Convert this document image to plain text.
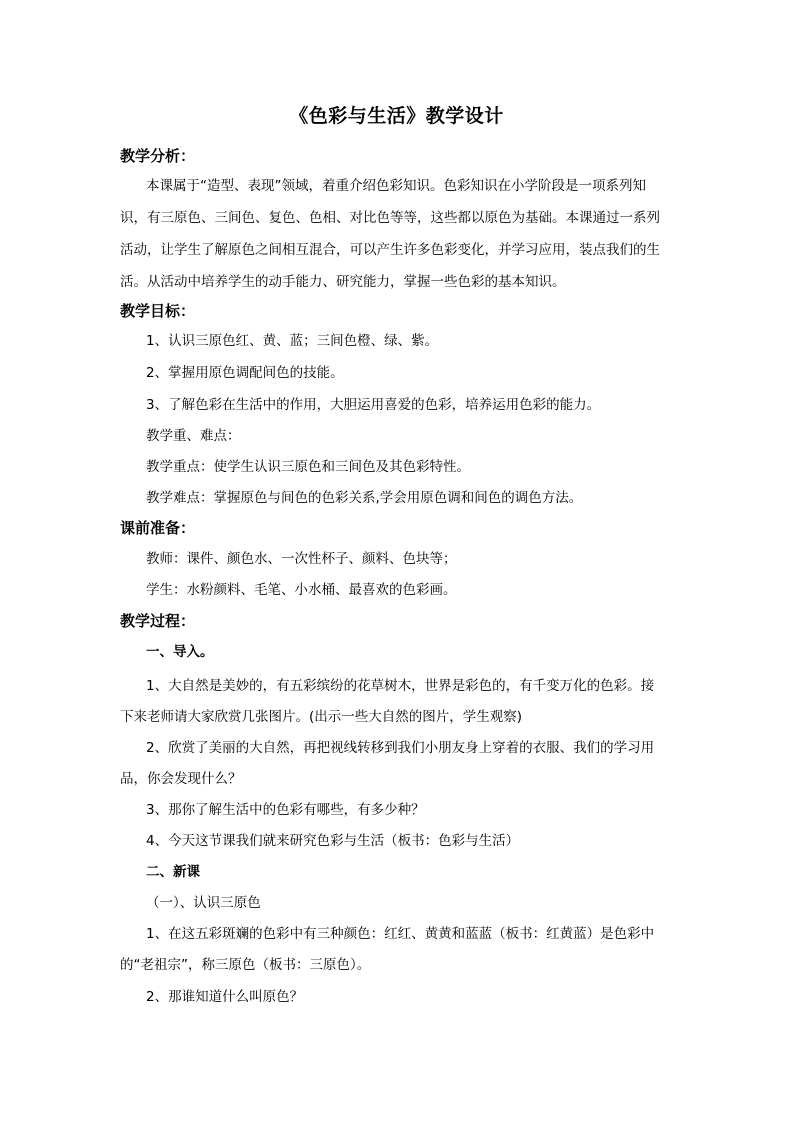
《色彩与生活》教学设计
教学分析：
本课属于“造型、表现”领域，着重介绍色彩知识。色彩知识在小学阶段是一项系列知
识，有三原色、三间色、复色、色相、对比色等等，这些都以原色为基础。本课通过一系列
活动，让学生了解原色之间相互混合，可以产生许多色彩变化，并学习应用，装点我们的生
活。从活动中培养学生的动手能力、研究能力，掌握一些色彩的基本知识。
教学目标：
1、认识三原色红、黄、蓝；三间色橙、绿、紫。
2、掌握用原色调配间色的技能。
3、了解色彩在生活中的作用，大胆运用喜爱的色彩，培养运用色彩的能力。
教学重、难点：
教学重点：使学生认识三原色和三间色及其色彩特性。
教学难点：掌握原色与间色的色彩关系,学会用原色调和间色的调色方法。
课前准备：
教师：课件、颜色水、一次性杯子、颜料、色块等；
学生：水粉颜料、毛笔、小水桶、最喜欢的色彩画。
教学过程：
一、导入。
1、大自然是美妙的，有五彩缤纷的花草树木，世界是彩色的，有千变万化的色彩。接
下来老师请大家欣赏几张图片。(出示一些大自然的图片，学生观察)
2、欣赏了美丽的大自然，再把视线转移到我们小朋友身上穿着的衣服、我们的学习用
品，你会发现什么？
3、那你了解生活中的色彩有哪些，有多少种？
4、今天这节课我们就来研究色彩与生活（板书：色彩与生活）
二、新课
（一）、认识三原色
1、在这五彩斑斓的色彩中有三种颜色：红红、黄黄和蓝蓝（板书：红黄蓝）是色彩中
的“老祖宗”，称三原色（板书：三原色）。
2、那谁知道什么叫原色？
